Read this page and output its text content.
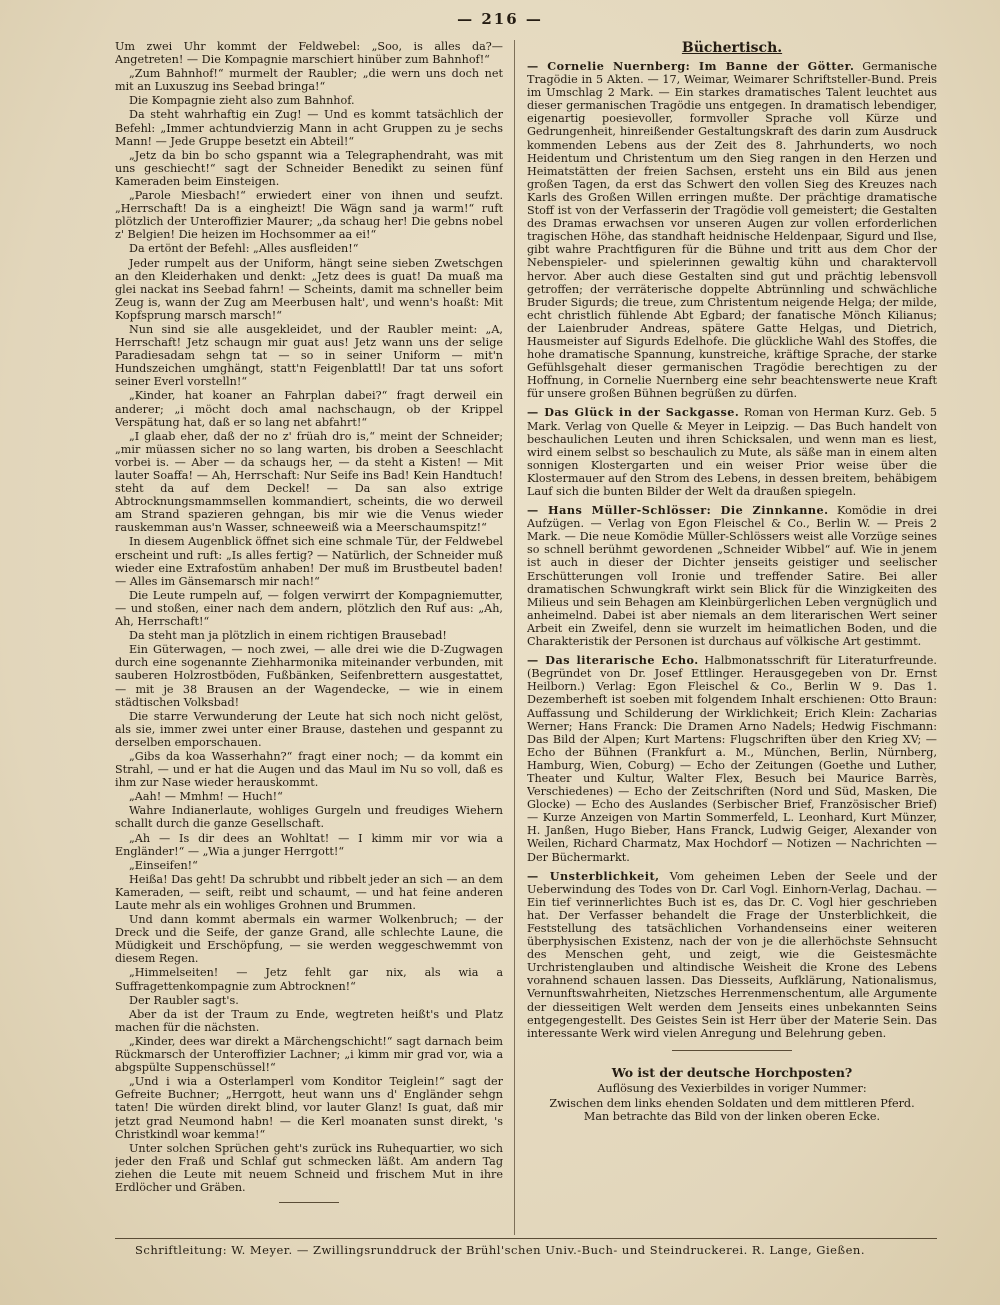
— 216 —

Um zwei Uhr kommt der Feldwebel: „Soo, is alles da?— Angetreten! — Die Kompagnie marschiert hinüber zum Bahnhof!“

„Zum Bahnhof!“ murmelt der Raubler; „die wern uns doch net mit an Luxuszug ins Seebad bringa!“

Die Kompagnie zieht also zum Bahnhof.

Da steht wahrhaftig ein Zug! — Und es kommt tatsächlich der Befehl: „Immer achtundvierzig Mann in acht Gruppen zu je sechs Mann! — Jede Gruppe besetzt ein Abteil!“

„Jetz da bin bo scho gspannt wia a Telegraphendraht, was mit uns geschiecht!“ sagt der Schneider Benedikt zu seinen fünf Kameraden beim Einsteigen.

„Parole Miesbach!“ erwiedert einer von ihnen und seufzt. „Herrschaft! Da is a eingheizt! Die Wägn sand ja warm!“ ruft plötzlich der Unteroffizier Maurer; „da schaug her! Die gebns nobel z' Belgien! Die heizen im Hochsommer aa ei!“

Da ertönt der Befehl: „Alles ausfleiden!“

Jeder rumpelt aus der Uniform, hängt seine sieben Zwetschgen an den Kleiderhaken und denkt: „Jetz dees is guat! Da muaß ma glei nackat ins Seebad fahrn! — Scheints, damit ma schneller beim Zeug is, wann der Zug am Meerbusen halt', und wenn's hoaßt: Mit Kopfsprung marsch marsch!“

Nun sind sie alle ausgekleidet, und der Raubler meint: „A, Herrschaft! Jetz schaugn mir guat aus! Jetz wann uns der selige Paradiesadam sehgn tat — so in seiner Uniform — mit'n Hundszeichen umghängt, statt'n Feigenblattl! Dar tat uns sofort seiner Everl vorstelln!“

„Kinder, hat koaner an Fahrplan dabei?“ fragt derweil ein anderer; „i möcht doch amal nachschaugn, ob der Krippel Verspätung hat, daß er so lang net abfahrt!“

„I glaab eher, daß der no z' früah dro is,“ meint der Schneider; „mir müassen sicher no so lang warten, bis droben a Seeschlacht vorbei is. — Aber — da schaugs her, — da steht a Kisten! — Mit lauter Soaffa! — Ah, Herrschaft: Nur Seife ins Bad! Kein Handtuch! steht da auf dem Deckel! — Da san also extrige Abtrocknungsmammsellen kommandiert, scheints, die wo derweil am Strand spazieren gehngan, bis mir wie die Venus wieder rauskemman aus'n Wasser, schneeweiß wia a Meerschaumspitz!“

In diesem Augenblick öffnet sich eine schmale Tür, der Feldwebel erscheint und ruft: „Is alles fertig? — Natürlich, der Schneider muß wieder eine Extrafostüm anhaben! Der muß im Brustbeutel baden! — Alles im Gänsemarsch mir nach!“

Die Leute rumpeln auf, — folgen verwirrt der Kompagniemutter, — und stoßen, einer nach dem andern, plötzlich den Ruf aus: „Ah, Ah, Herrschaft!“

Da steht man ja plötzlich in einem richtigen Brausebad!

Ein Güterwagen, — noch zwei, — alle drei wie die D-Zugwagen durch eine sogenannte Ziehharmonika miteinander verbunden, mit sauberen Holzrostböden, Fußbänken, Seifenbrettern ausgestattet, — mit je 38 Brausen an der Wagendecke, — wie in einem städtischen Volksbad!

Die starre Verwunderung der Leute hat sich noch nicht gelöst, als sie, immer zwei unter einer Brause, dastehen und gespannt zu derselben emporschauen.

„Gibs da koa Wasserhahn?“ fragt einer noch; — da kommt ein Strahl, — und er hat die Augen und das Maul im Nu so voll, daß es ihm zur Nase wieder herauskommt.

„Aah! — Mmhm! — Huch!“

Wahre Indianerlaute, wohliges Gurgeln und freudiges Wiehern schallt durch die ganze Gesellschaft.

„Ah — Is dir dees an Wohltat! — I kimm mir vor wia a Engländer!“ — „Wia a junger Herrgott!“

„Einseifen!“

Heißa! Das geht! Da schrubbt und ribbelt jeder an sich — an dem Kameraden, — seift, reibt und schaumt, — und hat feine anderen Laute mehr als ein wohliges Grohnen und Brummen.

Und dann kommt abermals ein warmer Wolkenbruch; — der Dreck und die Seife, der ganze Grand, alle schlechte Laune, die Müdigkeit und Erschöpfung, — sie werden weggeschwemmt von diesem Regen.

„Himmelseiten! — Jetz fehlt gar nix, als wia a Suffragettenkompagnie zum Abtrocknen!“

Der Raubler sagt's.

Aber da ist der Traum zu Ende, wegtreten heißt's und Platz machen für die nächsten.

„Kinder, dees war direkt a Märchengschicht!“ sagt darnach beim Rückmarsch der Unteroffizier Lachner; „i kimm mir grad vor, wia a abgspülte Suppenschüssel!“

„Und i wia a Osterlamperl vom Konditor Teiglein!“ sagt der Gefreite Buchner; „Herrgott, heut wann uns d' Engländer sehgn taten! Die würden direkt blind, vor lauter Glanz! Is guat, daß mir jetzt grad Neumond habn! — die Kerl moanaten sunst direkt, 's Christkindl woar kemma!“

Unter solchen Sprüchen geht's zurück ins Ruhequartier, wo sich jeder den Fraß und Schlaf gut schmecken läßt. Am andern Tag ziehen die Leute mit neuem Schneid und frischem Mut in ihre Erdlöcher und Gräben.

Büchertisch.

— Cornelie Nuernberg: Im Banne der Götter. Germanische Tragödie in 5 Akten. — 17, Weimar, Weimarer Schriftsteller-Bund. Preis im Umschlag 2 Mark. — Ein starkes dramatisches Talent leuchtet aus dieser germanischen Tragödie uns entgegen. In dramatisch lebendiger, eigenartig poesievoller, formvoller Sprache voll Kürze und Gedrungenheit, hinreißender Gestaltungskraft des darin zum Ausdruck kommenden Lebens aus der Zeit des 8. Jahrhunderts, wo noch Heidentum und Christentum um den Sieg rangen in den Herzen und Heimatstätten der freien Sachsen, ersteht uns ein Bild aus jenen großen Tagen, da erst das Schwert den vollen Sieg des Kreuzes nach Karls des Großen Willen erringen mußte. Der prächtige dramatische Stoff ist von der Verfasserin der Tragödie voll gemeistert; die Gestalten des Dramas erwachsen vor unseren Augen zur vollen erforderlichen tragischen Höhe, das standhaft heidnische Heldenpaar, Sigurd und Ilse, gibt wahre Prachtfiguren für die Bühne und tritt aus dem Chor der Nebenspieler- und spielerinnen gewaltig kühn und charaktervoll hervor. Aber auch diese Gestalten sind gut und prächtig lebensvoll getroffen; der verräterische doppelte Abtrünnling und schwächliche Bruder Sigurds; die treue, zum Christentum neigende Helga; der milde, echt christlich fühlende Abt Egbard; der fanatische Mönch Kilianus; der Laienbruder Andreas, spätere Gatte Helgas, und Dietrich, Hausmeister auf Sigurds Edelhofe. Die glückliche Wahl des Stoffes, die hohe dramatische Spannung, kunstreiche, kräftige Sprache, der starke Gefühlsgehalt dieser germanischen Tragödie berechtigen zu der Hoffnung, in Cornelie Nuernberg eine sehr beachtenswerte neue Kraft für unsere großen Bühnen begrüßen zu dürfen.

— Das Glück in der Sackgasse. Roman von Herman Kurz. Geb. 5 Mark. Verlag von Quelle & Meyer in Leipzig. — Das Buch handelt von beschaulichen Leuten und ihren Schicksalen, und wenn man es liest, wird einem selbst so beschaulich zu Mute, als säße man in einem alten sonnigen Klostergarten und ein weiser Prior weise über die Klostermauer auf den Strom des Lebens, in dessen breitem, behäbigem Lauf sich die bunten Bilder der Welt da draußen spiegeln.

— Hans Müller-Schlösser: Die Zinnkanne. Komödie in drei Aufzügen. — Verlag von Egon Fleischel & Co., Berlin W. — Preis 2 Mark. — Die neue Komödie Müller-Schlössers weist alle Vorzüge seines so schnell berühmt gewordenen „Schneider Wibbel“ auf. Wie in jenem ist auch in dieser der Dichter jenseits geistiger und seelischer Erschütterungen voll Ironie und treffender Satire. Bei aller dramatischen Schwungkraft wirkt sein Blick für die Winzigkeiten des Milieus und sein Behagen am Kleinbürgerlichen Leben vergnüglich und anheimelnd. Dabei ist aber niemals an dem literarischen Wert seiner Arbeit ein Zweifel, denn sie wurzelt im heimatlichen Boden, und die Charakteristik der Personen ist durchaus auf völkische Art gestimmt.

— Das literarische Echo. Halbmonatsschrift für Literaturfreunde. (Begründet von Dr. Josef Ettlinger. Herausgegeben von Dr. Ernst Heilborn.) Verlag: Egon Fleischel & Co., Berlin W 9. Das 1. Dezemberheft ist soeben mit folgendem Inhalt erschienen: Otto Braun: Auffassung und Schilderung der Wirklichkeit; Erich Klein: Zacharias Werner; Hans Franck: Die Dramen Arno Nadels; Hedwig Fischmann: Das Bild der Alpen; Kurt Martens: Flugschriften über den Krieg XV; — Echo der Bühnen (Frankfurt a. M., München, Berlin, Nürnberg, Hamburg, Wien, Coburg) — Echo der Zeitungen (Goethe und Luther, Theater und Kultur, Walter Flex, Besuch bei Maurice Barrès, Verschiedenes) — Echo der Zeitschriften (Nord und Süd, Masken, Die Glocke) — Echo des Auslandes (Serbischer Brief, Französischer Brief) — Kurze Anzeigen von Martin Sommerfeld, L. Leonhard, Kurt Münzer, H. Janßen, Hugo Bieber, Hans Franck, Ludwig Geiger, Alexander von Weilen, Richard Charmatz, Max Hochdorf — Notizen — Nachrichten — Der Büchermarkt.

— Unsterblichkeit, Vom geheimen Leben der Seele und der Ueberwindung des Todes von Dr. Carl Vogl. Einhorn-Verlag, Dachau. — Ein tief verinnerlichtes Buch ist es, das Dr. C. Vogl hier geschrieben hat. Der Verfasser behandelt die Frage der Unsterblichkeit, die Feststellung des tatsächlichen Vorhandenseins einer weiteren überphysischen Existenz, nach der von je die allerhöchste Sehnsucht des Menschen geht, und zeigt, wie die Geistesmächte Urchristenglauben und altindische Weisheit die Krone des Lebens vorahnend schauen lassen. Das Diesseits, Aufklärung, Nationalismus, Vernunftswahrheiten, Nietzsches Herrenmenschentum, alle Argumente der diesseitigen Welt werden dem Jenseits eines unbekannten Seins entgegengestellt. Des Geistes Sein ist Herr über der Materie Sein. Das interessante Werk wird vielen Anregung und Belehrung geben.

Wo ist der deutsche Horchposten?
Auflösung des Vexierbildes in voriger Nummer:
Zwischen dem links ehenden Soldaten und dem mittleren Pferd.
Man betrachte das Bild von der linken oberen Ecke.
Schriftleitung: W. Meyer. — Zwillingsrunddruck der Brühl'schen Univ.-Buch- und Steindruckerei. R. Lange, Gießen.
